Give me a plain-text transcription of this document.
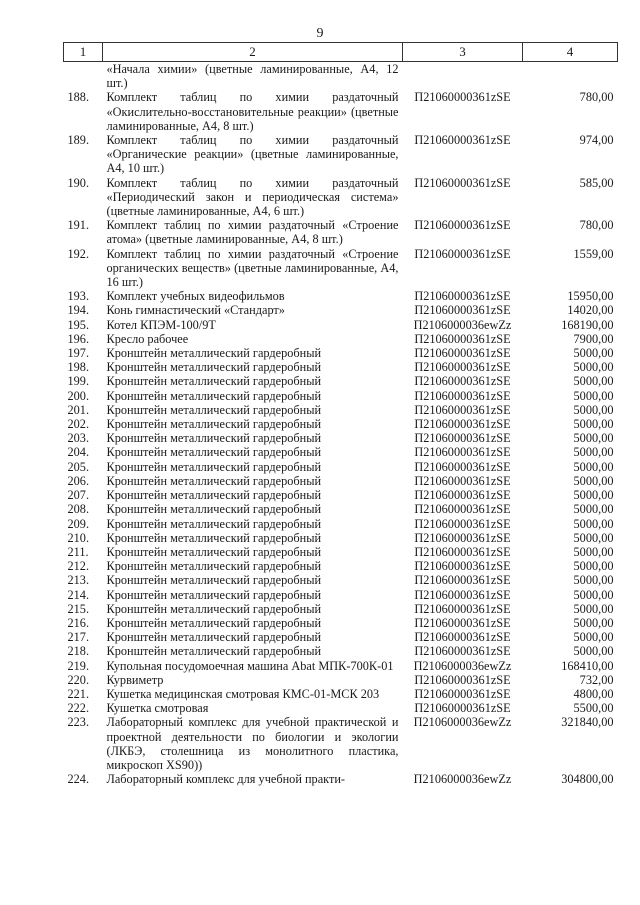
9
1	2	3	4
	«Начала химии» (цветные ламинированные, А4, 12 шт.)		
188.	Комплект таблиц по химии раздаточный «Окислительно-восстановительные реакции» (цветные ламинированные, А4, 8 шт.)	П21060000361zSE	780,00
189.	Комплект таблиц по химии раздаточный «Органические реакции» (цветные ламинированные, А4, 10 шт.)	П21060000361zSE	974,00
190.	Комплект таблиц по химии раздаточный «Периодический закон и периодическая система» (цветные ламинированные, А4, 6 шт.)	П21060000361zSE	585,00
191.	Комплект таблиц по химии раздаточный «Строение атома» (цветные ламинированные, А4, 8 шт.)	П21060000361zSE	780,00
192.	Комплект таблиц по химии раздаточный «Строение органических веществ» (цветные ламинированные, А4, 16 шт.)	П21060000361zSE	1559,00
193.	Комплект учебных видеофильмов	П21060000361zSE	15950,00
194.	Конь гимнастический «Стандарт»	П21060000361zSE	14020,00
195.	Котел КПЭМ-100/9Т	П2106000036ewZz	168190,00
196.	Кресло рабочее	П21060000361zSE	7900,00
197.	Кронштейн металлический гардеробный	П21060000361zSE	5000,00
198.	Кронштейн металлический гардеробный	П21060000361zSE	5000,00
199.	Кронштейн металлический гардеробный	П21060000361zSE	5000,00
200.	Кронштейн металлический гардеробный	П21060000361zSE	5000,00
201.	Кронштейн металлический гардеробный	П21060000361zSE	5000,00
202.	Кронштейн металлический гардеробный	П21060000361zSE	5000,00
203.	Кронштейн металлический гардеробный	П21060000361zSE	5000,00
204.	Кронштейн металлический гардеробный	П21060000361zSE	5000,00
205.	Кронштейн металлический гардеробный	П21060000361zSE	5000,00
206.	Кронштейн металлический гардеробный	П21060000361zSE	5000,00
207.	Кронштейн металлический гардеробный	П21060000361zSE	5000,00
208.	Кронштейн металлический гардеробный	П21060000361zSE	5000,00
209.	Кронштейн металлический гардеробный	П21060000361zSE	5000,00
210.	Кронштейн металлический гардеробный	П21060000361zSE	5000,00
211.	Кронштейн металлический гардеробный	П21060000361zSE	5000,00
212.	Кронштейн металлический гардеробный	П21060000361zSE	5000,00
213.	Кронштейн металлический гардеробный	П21060000361zSE	5000,00
214.	Кронштейн металлический гардеробный	П21060000361zSE	5000,00
215.	Кронштейн металлический гардеробный	П21060000361zSE	5000,00
216.	Кронштейн металлический гардеробный	П21060000361zSE	5000,00
217.	Кронштейн металлический гардеробный	П21060000361zSE	5000,00
218.	Кронштейн металлический гардеробный	П21060000361zSE	5000,00
219.	Купольная посудомоечная машина Abat МПК-700К-01	П2106000036ewZz	168410,00
220.	Курвиметр	П21060000361zSE	732,00
221.	Кушетка медицинская смотровая КМС-01-МСК 203	П21060000361zSE	4800,00
222.	Кушетка смотровая	П21060000361zSE	5500,00
223.	Лабораторный комплекс для учебной практической и проектной деятельности по биологии и экологии (ЛКБЭ, столешница из монолитного пластика, микроскоп XS90))	П2106000036ewZz	321840,00
224.	Лабораторный комплекс для учебной практи-	П2106000036ewZz	304800,00
